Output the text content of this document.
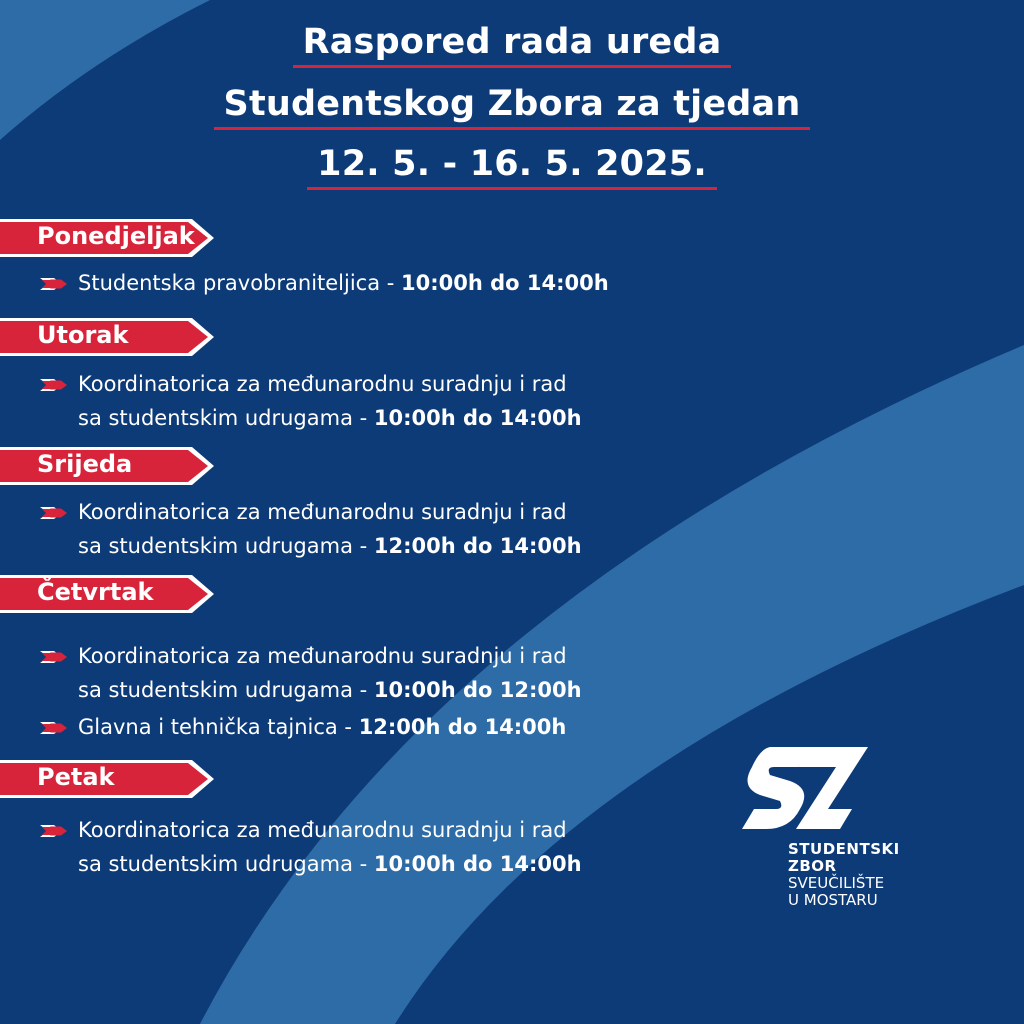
Raspored rada ureda
Studentskog Zbora za tjedan
12. 5. - 16. 5. 2025.
Ponedjeljak
Studentska pravobraniteljica - 10:00h do 14:00h
Utorak
Koordinatorica za međunarodnu suradnju i rad
sa studentskim udrugama - 10:00h do 14:00h
Srijeda
Koordinatorica za međunarodnu suradnju i rad
sa studentskim udrugama - 12:00h do 14:00h
Četvrtak
Koordinatorica za međunarodnu suradnju i rad
sa studentskim udrugama - 10:00h do 12:00h
Glavna i tehnička tajnica - 12:00h do 14:00h
Petak
Koordinatorica za međunarodnu suradnju i rad
sa studentskim udrugama - 10:00h do 14:00h
STUDENTSKI
ZBOR
SVEUČILIŠTE
U MOSTARU
